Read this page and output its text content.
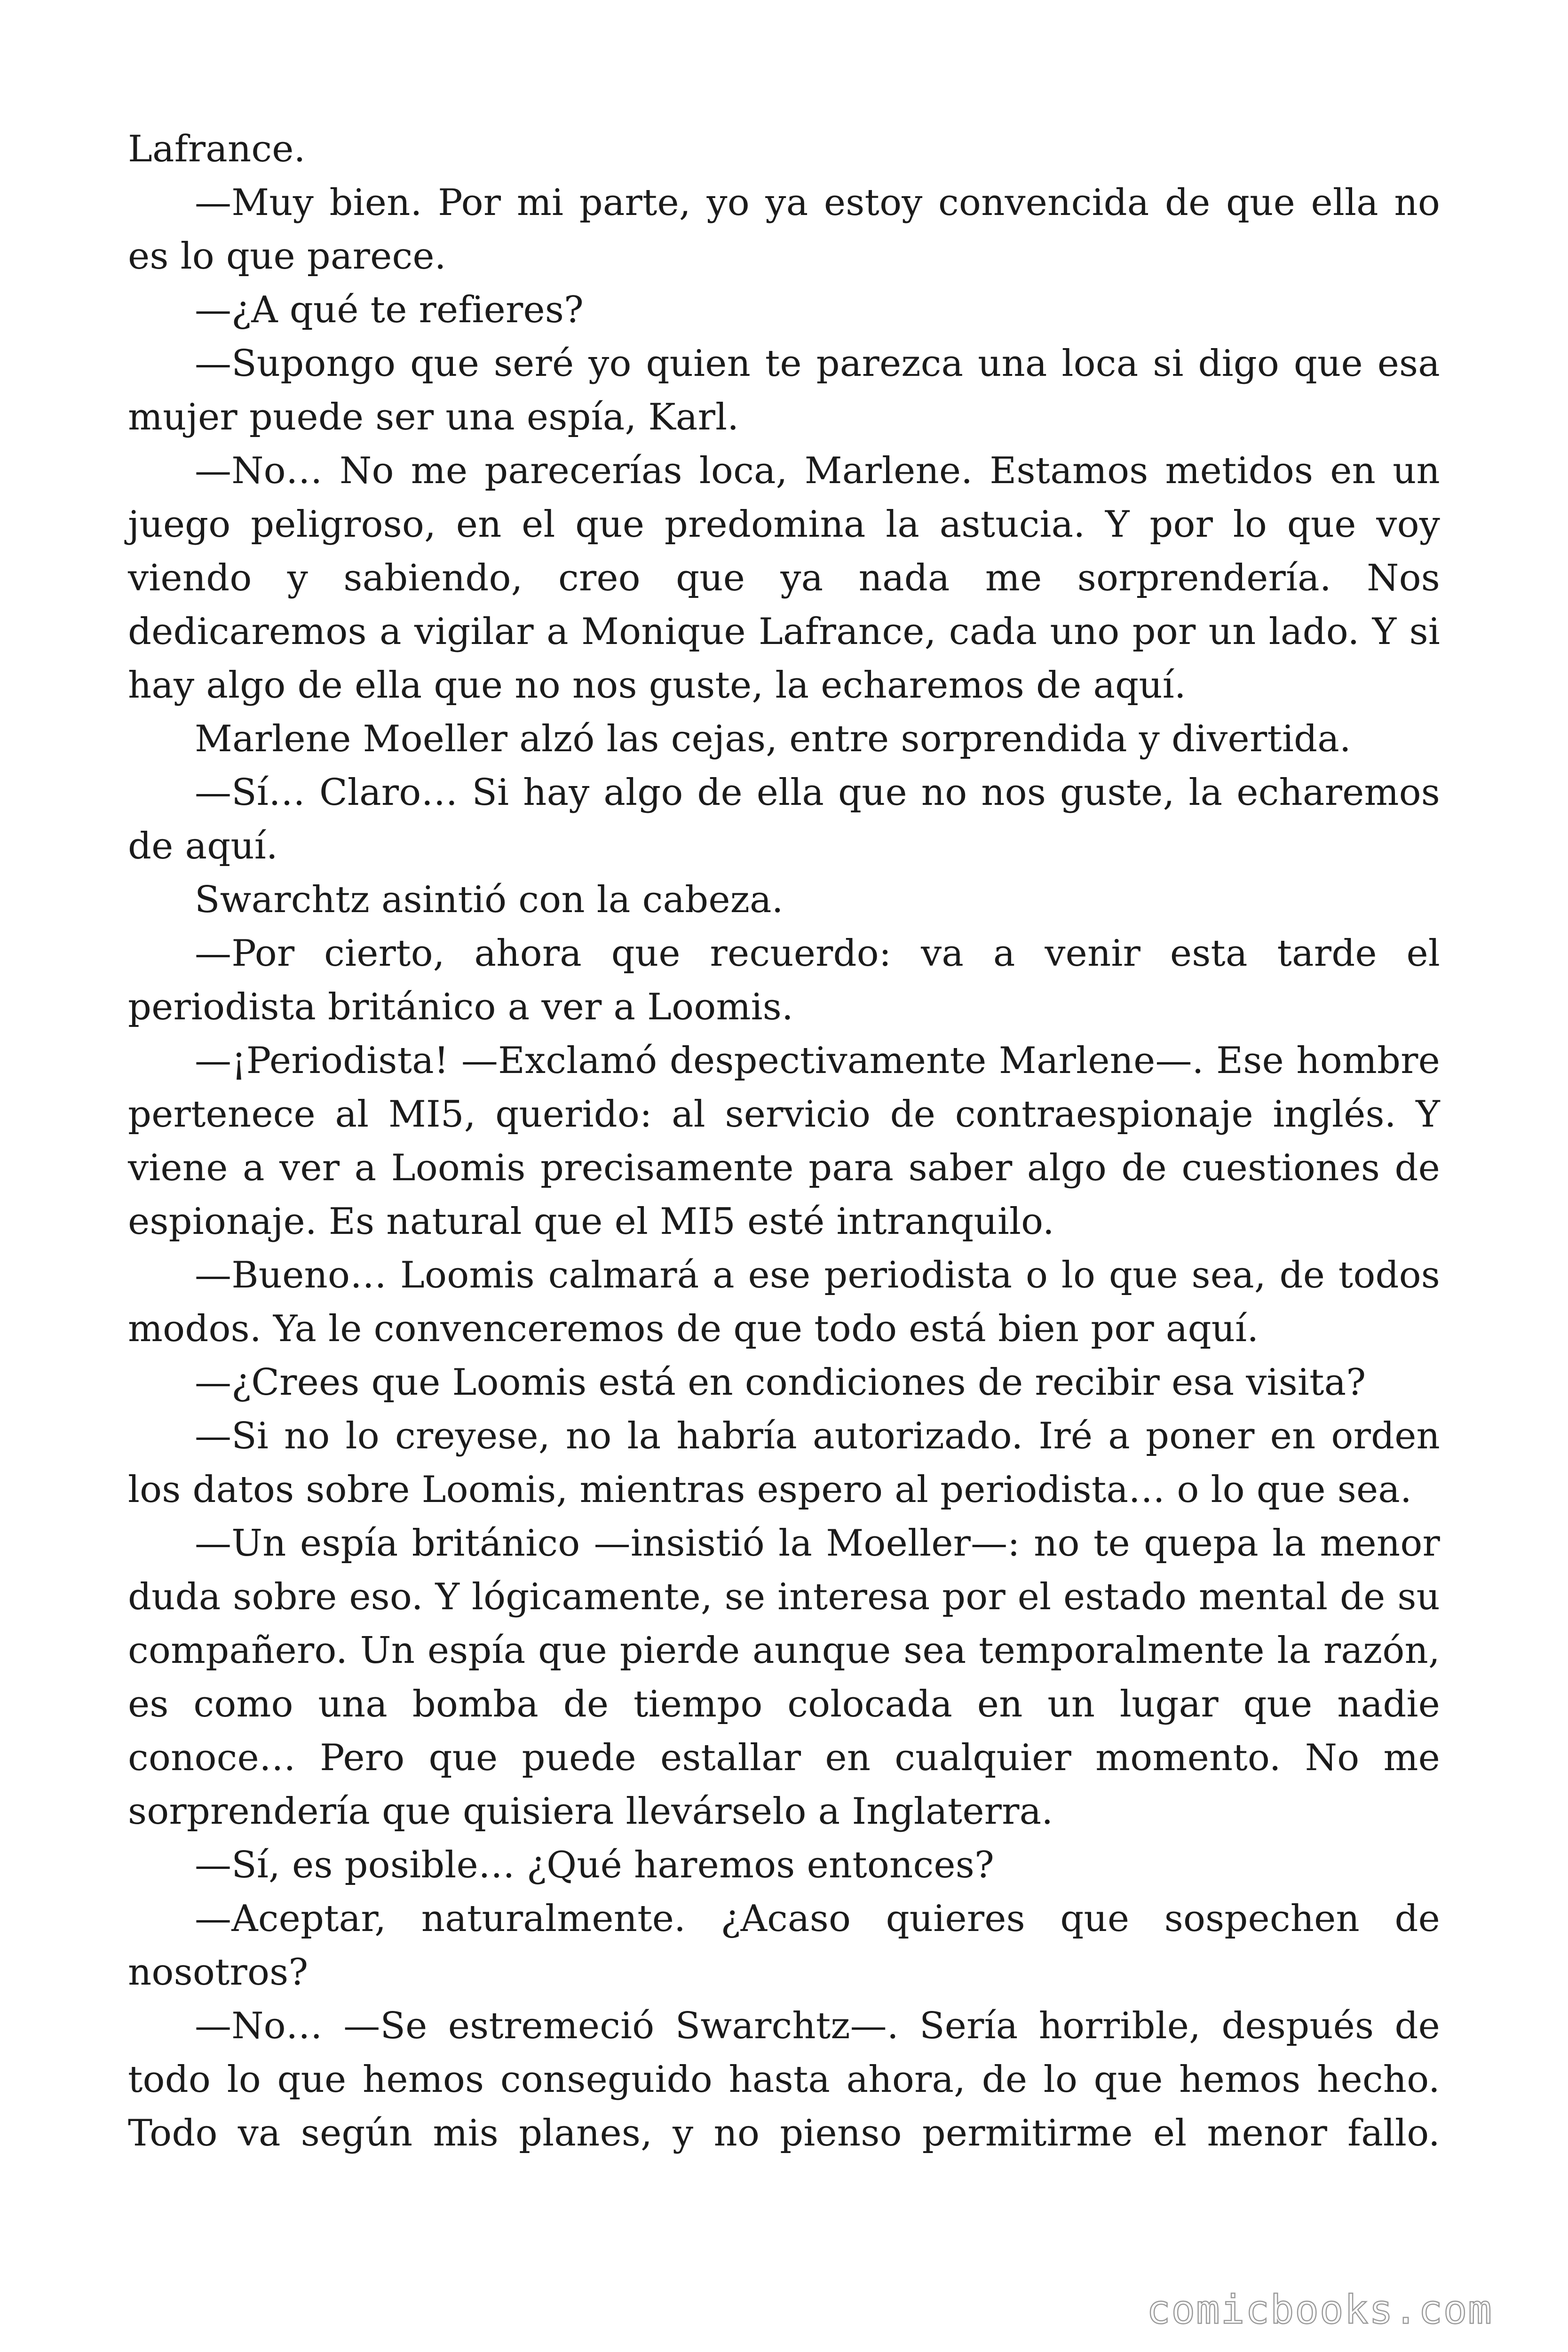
Lafrance.

—Muy bien. Por mi parte, yo ya estoy convencida de que ella no es lo que parece.

—¿A qué te refieres?

—Supongo que seré yo quien te parezca una loca si digo que esa mujer puede ser una espía, Karl.

—No… No me parecerías loca, Marlene. Estamos metidos en un juego peligroso, en el que predomina la astucia. Y por lo que voy viendo y sabiendo, creo que ya nada me sorprendería. Nos dedicaremos a vigilar a Monique Lafrance, cada uno por un lado. Y si hay algo de ella que no nos guste, la echaremos de aquí.

Marlene Moeller alzó las cejas, entre sorprendida y divertida.

—Sí… Claro… Si hay algo de ella que no nos guste, la echaremos de aquí.

Swarchtz asintió con la cabeza.

—Por cierto, ahora que recuerdo: va a venir esta tarde el periodista británico a ver a Loomis.

—¡Periodista! —Exclamó despectivamente Marlene—. Ese hombre pertenece al MI5, querido: al servicio de contraespionaje inglés. Y viene a ver a Loomis precisamente para saber algo de cuestiones de espionaje. Es natural que el MI5 esté intranquilo.

—Bueno… Loomis calmará a ese periodista o lo que sea, de todos modos. Ya le convenceremos de que todo está bien por aquí.

—¿Crees que Loomis está en condiciones de recibir esa visita?

—Si no lo creyese, no la habría autorizado. Iré a poner en orden los datos sobre Loomis, mientras espero al periodista… o lo que sea.

—Un espía británico —insistió la Moeller—: no te quepa la menor duda sobre eso. Y lógicamente, se interesa por el estado mental de su compañero. Un espía que pierde aunque sea temporalmente la razón, es como una bomba de tiempo colocada en un lugar que nadie conoce… Pero que puede estallar en cualquier momento. No me sorprendería que quisiera llevárselo a Inglaterra.

—Sí, es posible… ¿Qué haremos entonces?

—Aceptar, naturalmente. ¿Acaso quieres que sospechen de nosotros?

—No… —Se estremeció Swarchtz—. Sería horrible, después de todo lo que hemos conseguido hasta ahora, de lo que hemos hecho. Todo va según mis planes, y no pienso permitirme el menor fallo.

comicbooks.com
